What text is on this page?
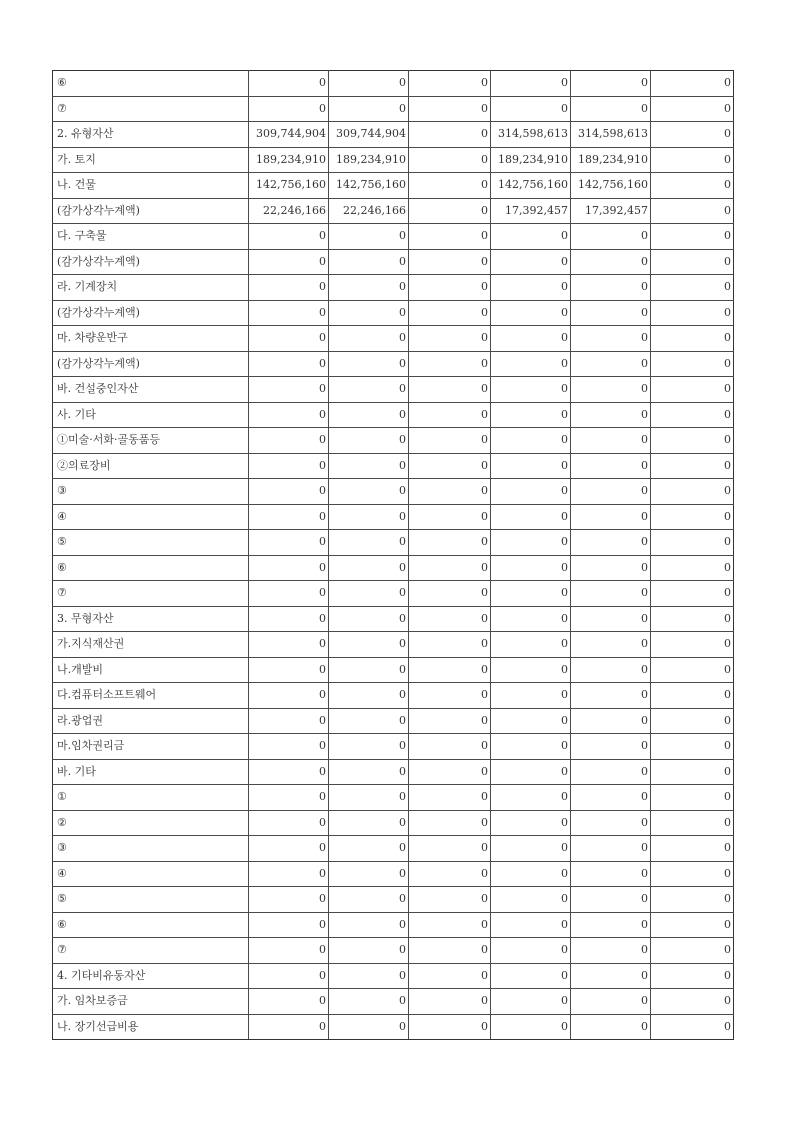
⑥	0	0	0	0	0	0
⑦	0	0	0	0	0	0
2. 유형자산	309,744,904	309,744,904	0	314,598,613	314,598,613	0
가. 토지	189,234,910	189,234,910	0	189,234,910	189,234,910	0
나. 건물	142,756,160	142,756,160	0	142,756,160	142,756,160	0
(감가상각누계액)	22,246,166	22,246,166	0	17,392,457	17,392,457	0
다. 구축물	0	0	0	0	0	0
(감가상각누계액)	0	0	0	0	0	0
라. 기계장치	0	0	0	0	0	0
(감가상각누계액)	0	0	0	0	0	0
마. 차량운반구	0	0	0	0	0	0
(감가상각누계액)	0	0	0	0	0	0
바. 건설중인자산	0	0	0	0	0	0
사. 기타	0	0	0	0	0	0
①미술·서화·골동품등	0	0	0	0	0	0
②의료장비	0	0	0	0	0	0
③	0	0	0	0	0	0
④	0	0	0	0	0	0
⑤	0	0	0	0	0	0
⑥	0	0	0	0	0	0
⑦	0	0	0	0	0	0
3. 무형자산	0	0	0	0	0	0
가.지식재산권	0	0	0	0	0	0
나.개발비	0	0	0	0	0	0
다.컴퓨터소프트웨어	0	0	0	0	0	0
라.광업권	0	0	0	0	0	0
마.임차권리금	0	0	0	0	0	0
바. 기타	0	0	0	0	0	0
①	0	0	0	0	0	0
②	0	0	0	0	0	0
③	0	0	0	0	0	0
④	0	0	0	0	0	0
⑤	0	0	0	0	0	0
⑥	0	0	0	0	0	0
⑦	0	0	0	0	0	0
4. 기타비유동자산	0	0	0	0	0	0
가. 임차보증금	0	0	0	0	0	0
나. 장기선급비용	0	0	0	0	0	0
